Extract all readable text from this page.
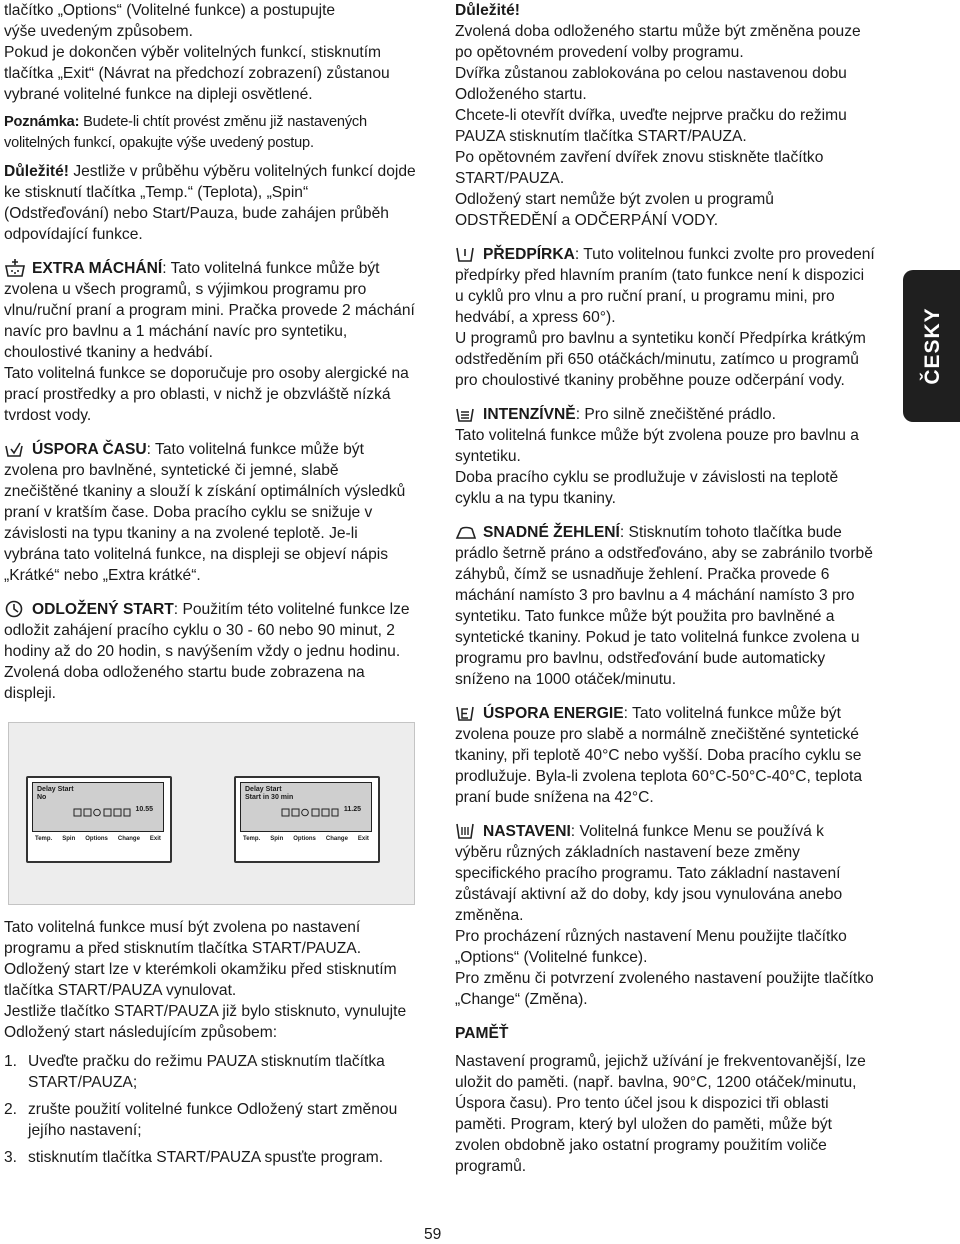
tlačítko „Options“ (Volitelné funkce) a postupujte

výše uvedeným způsobem.

Pokud je dokončen výběr volitelných funkcí, stisknutím tlačítka „Exit“ (Návrat na předchozí zobrazení) zůstanou vybrané volitelné funkce na dipleji osvětlené.

Poznámka: Budete-li chtít provést změnu již nastavených volitelných funkcí, opakujte výše uvedený postup.

Důležité! Jestliže v průběhu výběru volitelných funkcí dojde ke stisknutí tlačítka „Temp.“ (Teplota), „Spin“ (Odstřeďování) nebo Start/Pauza, bude zahájen průběh odpovídající funkce.

EXTRA MÁCHÁNÍ: Tato volitelná funkce může být zvolena u všech programů, s výjimkou programu pro vlnu/ruční praní a program mini. Pračka provede 2 máchání navíc pro bavlnu a 1 máchání navíc pro syntetiku, choulostivé tkaniny a hedvábí.

Tato volitelná funkce se doporučuje pro osoby alergické na prací prostředky a pro oblasti, v nichž je obzvláště nízká tvrdost vody.

ÚSPORA ČASU: Tato volitelná funkce může být zvolena pro bavlněné, syntetické či jemné, slabě znečištěné tkaniny a slouží k získání optimálních výsledků praní v kratším čase. Doba pracího cyklu se snižuje v závislosti na typu tkaniny a na zvolené teplotě. Je-li vybrána tato volitelná funkce, na displeji se objeví nápis „Krátké“ nebo „Extra krátké“.

ODLOŽENÝ START: Použitím této volitelné funkce lze odložit zahájení pracího cyklu o 30 - 60 nebo 90 minut, 2 hodiny až do 20 hodin, s navýšením vždy o jednu hodinu. Zvolená doba odloženého startu bude zobrazena na displeji.

Delay Start
No
10.55
Temp. Spin Options Change Exit
Delay Start
Start in 30 min
11.25
Temp. Spin Options Change Exit

Tato volitelná funkce musí být zvolena po nastavení programu a před stisknutím tlačítka START/PAUZA.

Odložený start lze v kterémkoli okamžiku před stisknutím tlačítka START/PAUZA vynulovat.

Jestliže tlačítko START/PAUZA již bylo stisknuto, vynulujte Odložený start následujícím způsobem:

1. Uveďte pračku do režimu PAUZA stisknutím tlačítka START/PAUZA;
2. zrušte použití volitelné funkce Odložený start změnou jejího nastavení;
3. stisknutím tlačítka START/PAUZA spusťte program.

Důležité!

Zvolená doba odloženého startu může být změněna pouze po opětovném provedení volby programu.

Dvířka zůstanou zablokována po celou nastavenou dobu Odloženého startu.

Chcete-li otevřít dvířka, uveďte nejprve pračku do režimu PAUZA stisknutím tlačítka START/PAUZA.

Po opětovném zavření dvířek znovu stiskněte tlačítko START/PAUZA.

Odložený start nemůže být zvolen u programů ODSTŘEDĚNÍ a ODČERPÁNÍ VODY.

PŘEDPÍRKA: Tuto volitelnou funkci zvolte pro provedení předpírky před hlavním praním (tato funkce není k dispozici u cyklů pro vlnu a pro ruční praní, u programu mini, pro hedvábí, a xpress 60°).

U programů pro bavlnu a syntetiku končí Předpírka krátkým odstředěním při 650 otáčkách/minutu, zatímco u programů pro choulostivé tkaniny proběhne pouze odčerpání vody.

INTENZÍVNĚ: Pro silně znečištěné prádlo.

Tato volitelná funkce může být zvolena pouze pro bavlnu a syntetiku.

Doba pracího cyklu se prodlužuje v závislosti na teplotě cyklu a na typu tkaniny.

SNADNÉ ŽEHLENÍ: Stisknutím tohoto tlačítka bude prádlo šetrně práno a odstřeďováno, aby se zabránilo tvorbě záhybů, čímž se usnadňuje žehlení. Pračka provede 6 máchání namísto 3 pro bavlnu a 4 máchání namísto 3 pro syntetiku. Tato funkce může být použita pro bavlněné a syntetické tkaniny. Pokud je tato volitelná funkce zvolena u programu pro bavlnu, odstřeďování bude automaticky sníženo na 1000 otáček/minutu.

ÚSPORA ENERGIE: Tato volitelná funkce může být zvolena pouze pro slabě a normálně znečištěné syntetické tkaniny, při teplotě 40°C nebo vyšší. Doba pracího cyklu se prodlužuje. Byla-li zvolena teplota 60°C-50°C-40°C, teplota praní bude snížena na 42°C.

NASTAVENI: Volitelná funkce Menu se používá k výběru různých základních nastavení beze změny specifického pracího programu. Tato základní nastavení zůstávají aktivní až do doby, kdy jsou vynulována anebo změněna.

Pro procházení různých nastavení Menu použijte tlačítko „Options“ (Volitelné funkce).

Pro změnu či potvrzení zvoleného nastavení použijte tlačítko „Change“ (Změna).

PAMĚŤ

Nastavení programů, jejichž užívání je frekventovanější, lze uložit do paměti. (např. bavlna, 90°C, 1200 otáček/minutu, Úspora času). Pro tento účel jsou k dispozici tři oblasti paměti. Program, který byl uložen do paměti, může být zvolen obdobně jako ostatní programy použitím voliče programů.

ČESKY
59
